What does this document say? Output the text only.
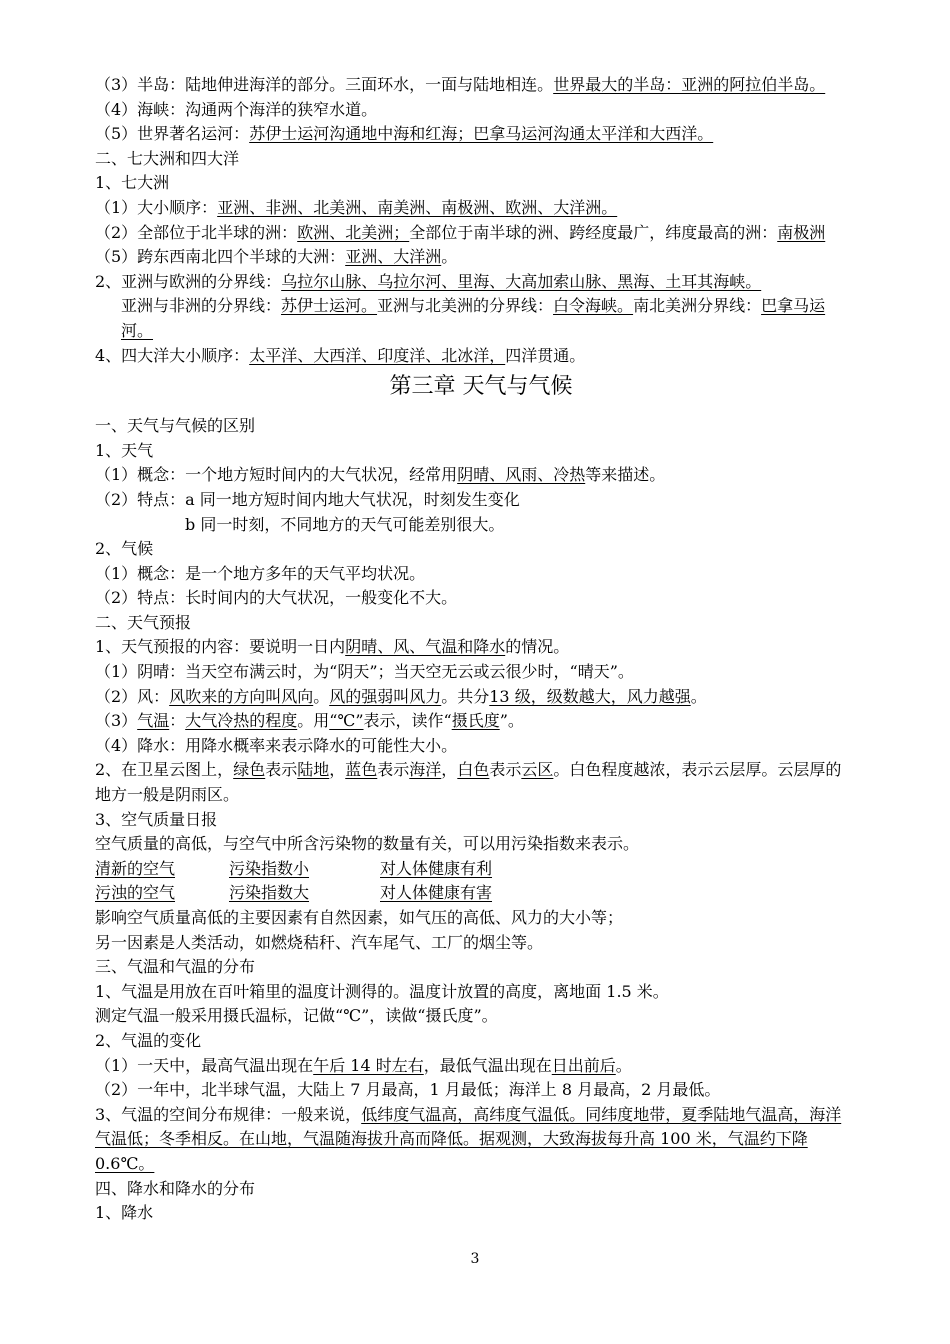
（3）半岛：陆地伸进海洋的部分。三面环水，一面与陆地相连。世界最大的半岛：亚洲的阿拉伯半岛。
（4）海峡：沟通两个海洋的狭窄水道。
（5）世界著名运河：苏伊士运河沟通地中海和红海；巴拿马运河沟通太平洋和大西洋。
二、七大洲和四大洋
1、七大洲
（1）大小顺序：亚洲、非洲、北美洲、南美洲、南极洲、欧洲、大洋洲。
（2）全部位于北半球的洲：欧洲、北美洲；全部位于南半球的洲、跨经度最广，纬度最高的洲：南极洲
（5）跨东西南北四个半球的大洲：亚洲、大洋洲。
2、亚洲与欧洲的分界线：乌拉尔山脉、乌拉尔河、里海、大高加索山脉、黑海、土耳其海峡。
亚洲与非洲的分界线：苏伊士运河。亚洲与北美洲的分界线：白令海峡。南北美洲分界线：巴拿马运河。
4、四大洋大小顺序：太平洋、大西洋、印度洋、北冰洋，四洋贯通。
第三章 天气与气候
一、天气与气候的区别
1、天气
（1）概念：一个地方短时间内的大气状况，经常用阴晴、风雨、冷热等来描述。
（2）特点：a 同一地方短时间内地大气状况，时刻发生变化
b 同一时刻，不同地方的天气可能差别很大。
2、气候
（1）概念：是一个地方多年的天气平均状况。
（2）特点：长时间内的大气状况，一般变化不大。
二、天气预报
1、天气预报的内容：要说明一日内阴晴、风、气温和降水的情况。
（1）阴晴：当天空布满云时，为“阴天”；当天空无云或云很少时，“晴天”。
（2）风：风吹来的方向叫风向。风的强弱叫风力。共分13 级，级数越大，风力越强。
（3）气温：大气冷热的程度。用“℃”表示，读作“摄氏度”。
（4）降水：用降水概率来表示降水的可能性大小。
2、在卫星云图上，绿色表示陆地，蓝色表示海洋，白色表示云区。白色程度越浓，表示云层厚。云层厚的地方一般是阴雨区。
3、空气质量日报
空气质量的高低，与空气中所含污染物的数量有关，可以用污染指数来表示。
清新的空气	污染指数小	对人体健康有利
污浊的空气	污染指数大	对人体健康有害
影响空气质量高低的主要因素有自然因素，如气压的高低、风力的大小等；
另一因素是人类活动，如燃烧秸秆、汽车尾气、工厂的烟尘等。
三、气温和气温的分布
1、气温是用放在百叶箱里的温度计测得的。温度计放置的高度，离地面 1.5 米。
测定气温一般采用摄氏温标，记做“℃”，读做“摄氏度”。
2、气温的变化
（1）一天中，最高气温出现在午后 14 时左右，最低气温出现在日出前后。
（2）一年中，北半球气温，大陆上 7 月最高，1 月最低；海洋上 8 月最高，2 月最低。
3、气温的空间分布规律：一般来说，低纬度气温高，高纬度气温低。同纬度地带，夏季陆地气温高，海洋气温低；冬季相反。在山地，气温随海拔升高而降低。据观测，大致海拔每升高 100 米，气温约下降 0.6℃。
四、降水和降水的分布
1、降水
3
